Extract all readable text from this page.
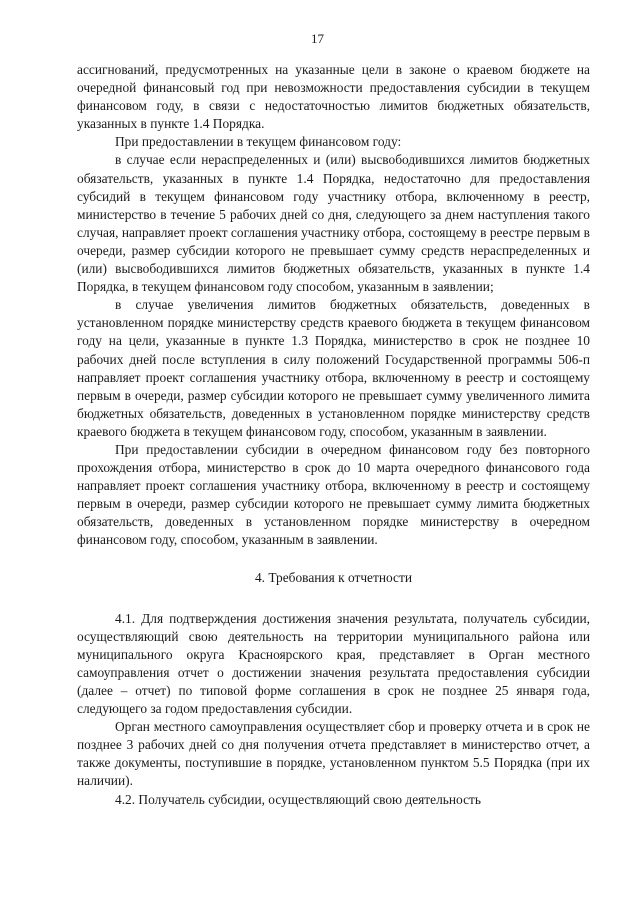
17

ассигнований, предусмотренных на указанные цели в законе о краевом бюджете на очередной финансовый год при невозможности предоставления субсидии в текущем финансовом году, в связи с недостаточностью лимитов бюджетных обязательств, указанных в пункте 1.4 Порядка.

При предоставлении в текущем финансовом году:

в случае если нераспределенных и (или) высвободившихся лимитов бюджетных обязательств, указанных в пункте 1.4 Порядка, недостаточно для предоставления субсидий в текущем финансовом году участнику отбора, включенному в реестр, министерство в течение 5 рабочих дней со дня, следующего за днем наступления такого случая, направляет проект соглашения участнику отбора, состоящему в реестре первым в очереди, размер субсидии которого не превышает сумму средств нераспределенных и (или) высвободившихся лимитов бюджетных обязательств, указанных в пункте 1.4 Порядка, в текущем финансовом году способом, указанным в заявлении;

в случае увеличения лимитов бюджетных обязательств, доведенных в установленном порядке министерству средств краевого бюджета в текущем финансовом году на цели, указанные в пункте 1.3 Порядка, министерство в срок не позднее 10 рабочих дней после вступления в силу положений Государственной программы 506-п направляет проект соглашения участнику отбора, включенному в реестр и состоящему первым в очереди, размер субсидии которого не превышает сумму увеличенного лимита бюджетных обязательств, доведенных в установленном порядке министерству средств краевого бюджета в текущем финансовом году, способом, указанным в заявлении.

При предоставлении субсидии в очередном финансовом году без повторного прохождения отбора, министерство в срок до 10 марта очередного финансового года направляет проект соглашения участнику отбора, включенному в реестр и состоящему первым в очереди, размер субсидии которого не превышает сумму лимита бюджетных обязательств, доведенных в установленном порядке министерству в очередном финансовом году, способом, указанным в заявлении.

4. Требования к отчетности

4.1. Для подтверждения достижения значения результата, получатель субсидии, осуществляющий свою деятельность на территории муниципального района или муниципального округа Красноярского края, представляет в Орган местного самоуправления отчет о достижении значения результата предоставления субсидии (далее – отчет) по типовой форме соглашения в срок не позднее 25 января года, следующего за годом предоставления субсидии.

Орган местного самоуправления осуществляет сбор и проверку отчета и в срок не позднее 3 рабочих дней со дня получения отчета представляет в министерство отчет, а также документы, поступившие в порядке, установленном пунктом 5.5 Порядка (при их наличии).

4.2. Получатель субсидии, осуществляющий свою деятельность
